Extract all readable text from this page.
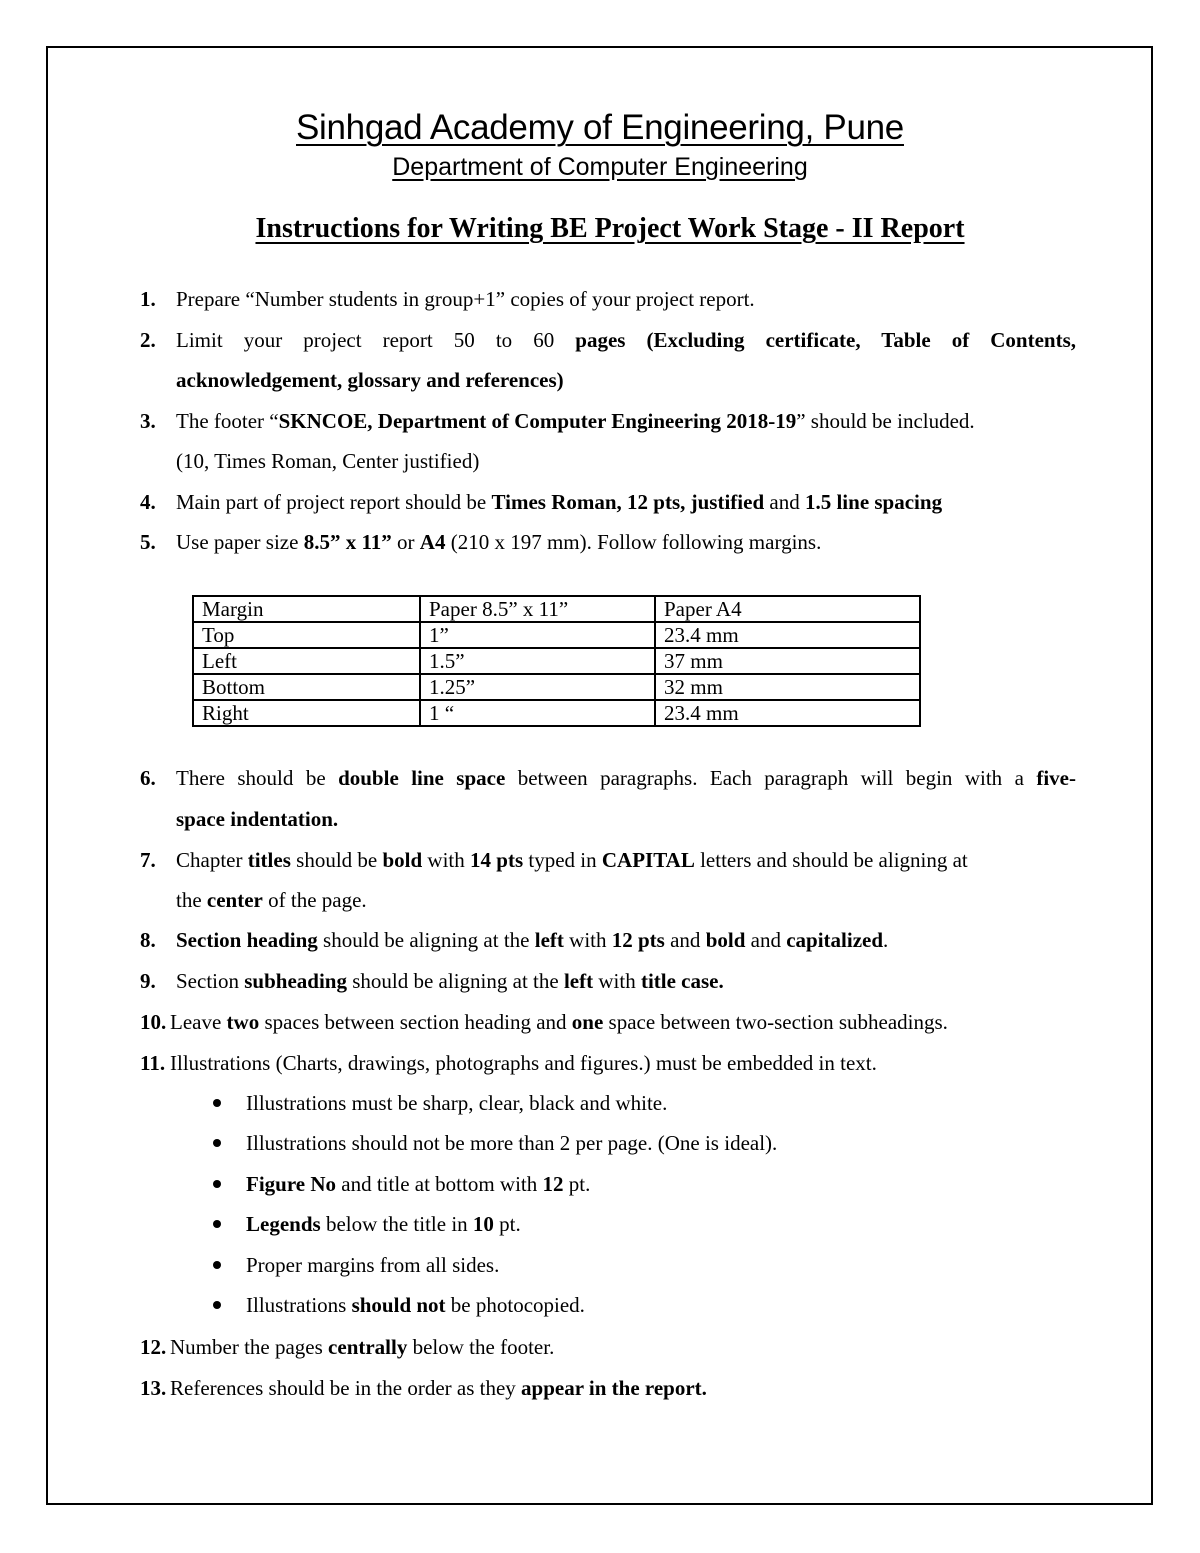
Sinhgad Academy of Engineering, Pune
Department of Computer Engineering
Instructions for Writing BE Project Work Stage - II Report
1. Prepare “Number students in group+1” copies of your project report.
2. Limit your project report 50 to 60 pages (Excluding certificate, Table of Contents,
acknowledgement, glossary and references)
3. The footer “SKNCOE, Department of Computer Engineering 2018-19” should be included.
(10, Times Roman, Center justified)
4. Main part of project report should be Times Roman, 12 pts, justified and 1.5 line spacing
5. Use paper size 8.5” x 11” or A4 (210 x 197 mm). Follow following margins.
Margin	Paper 8.5” x 11”	Paper A4
Top	1”	23.4 mm
Left	1.5”	37 mm
Bottom	1.25”	32 mm
Right	1 “	23.4 mm
6. There should be double line space between paragraphs. Each paragraph will begin with a five-
space indentation.
7. Chapter titles should be bold with 14 pts typed in CAPITAL letters and should be aligning at
the center of the page.
8. Section heading should be aligning at the left with 12 pts and bold and capitalized.
9. Section subheading should be aligning at the left with title case.
10. Leave two spaces between section heading and one space between two-section subheadings.
11. Illustrations (Charts, drawings, photographs and figures.) must be embedded in text.
Illustrations must be sharp, clear, black and white.
Illustrations should not be more than 2 per page. (One is ideal).
Figure No and title at bottom with 12 pt.
Legends below the title in 10 pt.
Proper margins from all sides.
Illustrations should not be photocopied.
12. Number the pages centrally below the footer.
13. References should be in the order as they appear in the report.
